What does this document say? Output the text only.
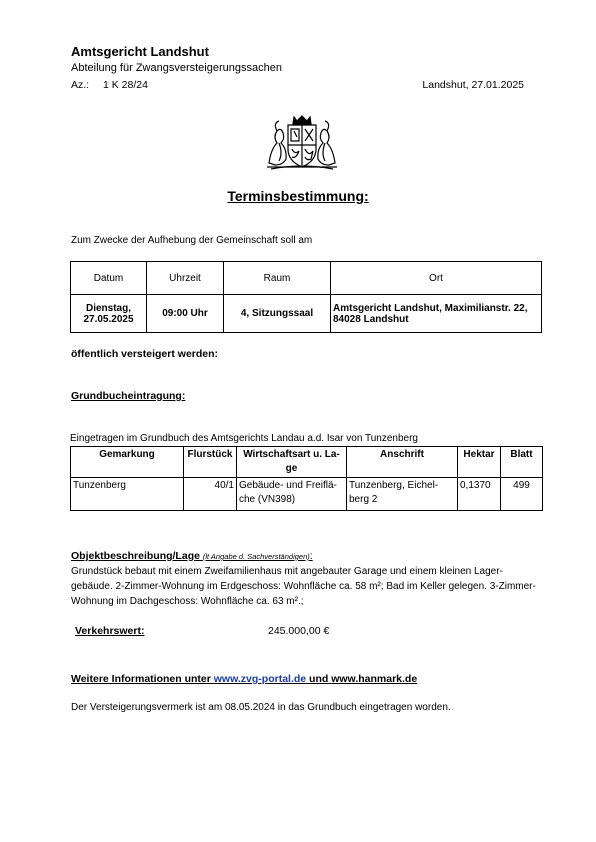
Amtsgericht Landshut
Abteilung für Zwangsversteigerungssachen
Az.: 1 K 28/24	Landshut, 27.01.2025
Terminsbestimmung:
Zum Zwecke der Aufhebung der Gemeinschaft soll am
Datum	Uhrzeit	Raum	Ort

Dienstag,
27.05.2025	09:00 Uhr	4, Sitzungssaal	Amtsgericht Landshut, Maximilianstr. 22, 84028 Landshut
öffentlich versteigert werden:
Grundbucheintragung:
Eingetragen im Grundbuch des Amtsgerichts Landau a.d. Isar von Tunzenberg
Gemarkung	Flurstück	Wirtschaftsart u. La-ge	Anschrift	Hektar	Blatt
Tunzenberg	40/1	Gebäude- und Freiflä-che (VN398)	Tunzenberg, Eichel-berg 2	0,1370	499
Objektbeschreibung/Lage (lt Angabe d. Sachverständigen):
Grundstück bebaut mit einem Zweifamilienhaus mit angebauter Garage und einem kleinen Lager-gebäude. 2-Zimmer-Wohnung im Erdgeschoss: Wohnfläche ca. 58 m²; Bad im Keller gelegen. 3-Zimmer-Wohnung im Dachgeschoss: Wohnfläche ca. 63 m².;
Verkehrswert:	245.000,00 €
Weitere Informationen unter www.zvg-portal.de und www.hanmark.de
Der Versteigerungsvermerk ist am 08.05.2024 in das Grundbuch eingetragen worden.
